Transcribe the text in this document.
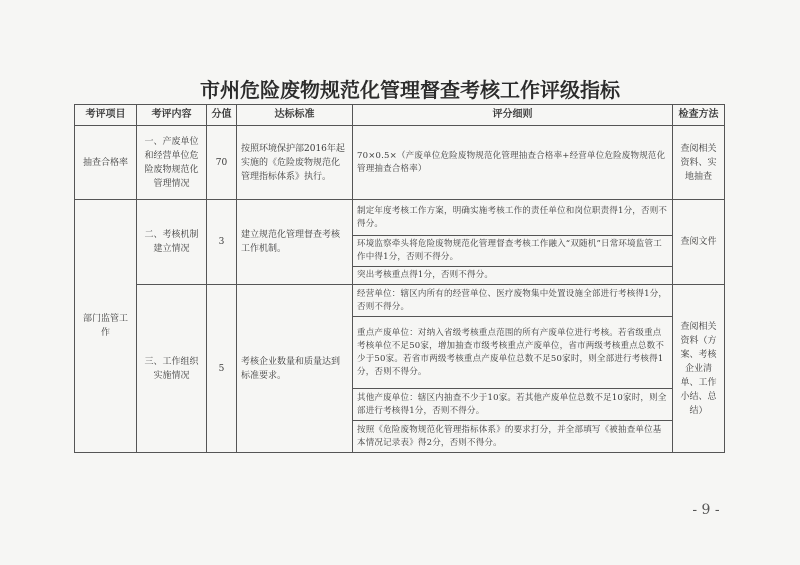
市州危险废物规范化管理督查考核工作评级指标
考评项目	考评内容	分值	达标标准	评分细则	检查方法
抽查合格率	一、产废单位和经营单位危险废物规范化管理情况	70	按照环境保护部2016年起实施的《危险废物规范化管理指标体系》执行。	70×0.5×（产废单位危险废物规范化管理抽查合格率+经营单位危险废物规范化管理抽查合格率）	查阅相关资料、实地抽查
部门监管工作	二、考核机制建立情况	3	建立规范化管理督查考核工作机制。	制定年度考核工作方案，明确实施考核工作的责任单位和岗位职责得1分，否则不得分。	查阅文件
				环境监察牵头将危险废物规范化管理督查考核工作融入“双随机”日常环境监管工作中得1分，否则不得分。	
				突出考核重点得1分，否则不得分。	
	三、工作组织实施情况	5	考核企业数量和质量达到标准要求。	经营单位：辖区内所有的经营单位、医疗废物集中处置设施全部进行考核得1分，否则不得分。	查阅相关资料（方案、考核企业清单、工作小结、总结）
				重点产废单位：对纳入省级考核重点范围的所有产废单位进行考核。若省级重点考核单位不足50家，增加抽查市级考核重点产废单位，省市两级考核重点总数不少于50家。若省市两级考核重点产废单位总数不足50家时，则全部进行考核得1分，否则不得分。	
				其他产废单位：辖区内抽查不少于10家。若其他产废单位总数不足10家时，则全部进行考核得1分，否则不得分。	
				按照《危险废物规范化管理指标体系》的要求打分，并全部填写《被抽查单位基本情况记录表》得2分，否则不得分。	
- 9 -
